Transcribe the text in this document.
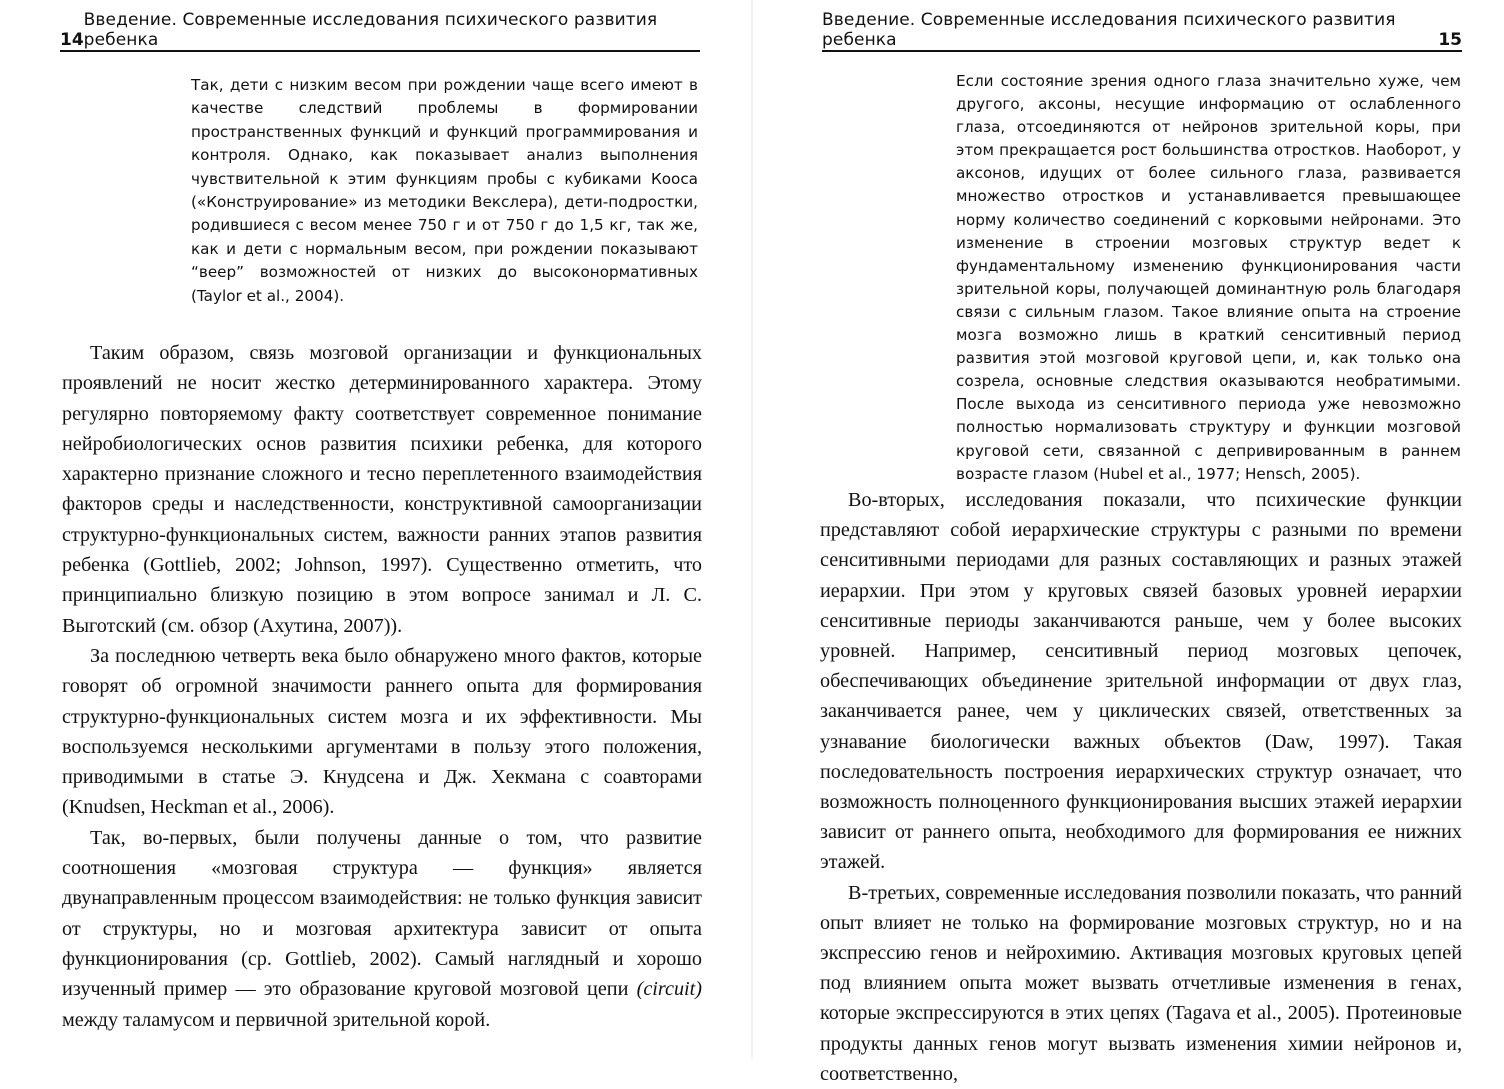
14
Введение. Современные исследования психического развития ребенка
Так, дети с низким весом при рождении чаще всего имеют в качестве следствий проблемы в формировании пространственных функций и функций программирования и контроля. Однако, как показывает анализ выполнения чувствительной к этим функциям пробы с кубиками Кооса («Конструирование» из методики Векслера), дети-подростки, родившиеся с весом менее 750 г и от 750 г до 1,5 кг, так же, как и дети с нормальным весом, при рождении показывают “веер” возможностей от низких до высоконормативных (Taylor et al., 2004).

Таким образом, связь мозговой организации и функциональных проявлений не носит жестко детерминированного характера. Этому регулярно повторяемому факту соответствует современное понимание нейробиологических основ развития психики ребенка, для которого характерно признание сложного и тесно переплетенного взаимодействия факторов среды и наследственности, конструктивной самоорганизации структурно-функциональных систем, важности ранних этапов развития ребенка (Gottlieb, 2002; Johnson, 1997). Существенно отметить, что принципиально близкую позицию в этом вопросе занимал и Л. С. Выготский (см. обзор (Ахутина, 2007)).

За последнюю четверть века было обнаружено много фактов, которые говорят об огромной значимости раннего опыта для формирования структурно-функциональных систем мозга и их эффективности. Мы воспользуемся несколькими аргументами в пользу этого положения, приводимыми в статье Э. Кнудсена и Дж. Хекмана с соавторами (Knudsen, Heckman et al., 2006).

Так, во-первых, были получены данные о том, что развитие соотношения «мозговая структура — функция» является двунаправленным процессом взаимодействия: не только функция зависит от структуры, но и мозговая архитектура зависит от опыта функционирования (ср. Gottlieb, 2002). Самый наглядный и хорошо изученный пример — это образование круговой мозговой цепи (circuit) между таламусом и первичной зрительной корой.

Введение. Современные исследования психического развития ребенка	15
Если состояние зрения одного глаза значительно хуже, чем другого, аксоны, несущие информацию от ослабленного глаза, отсоединяются от нейронов зрительной коры, при этом прекращается рост большинства отростков. Наоборот, у аксонов, идущих от более сильного глаза, развивается множество отростков и устанавливается превышающее норму количество соединений с корковыми нейронами. Это изменение в строении мозговых структур ведет к фундаментальному изменению функционирования части зрительной коры, получающей доминантную роль благодаря связи с сильным глазом. Такое влияние опыта на строение мозга возможно лишь в краткий сенситивный период развития этой мозговой круговой цепи, и, как только она созрела, основные следствия оказываются необратимыми. После выхода из сенситивного периода уже невозможно полностью нормализовать структуру и функции мозговой круговой сети, связанной с депривированным в раннем возрасте глазом (Hubel et al., 1977; Hensch, 2005).

Во-вторых, исследования показали, что психические функции представляют собой иерархические структуры с разными по времени сенситивными периодами для разных составляющих и разных этажей иерархии. При этом у круговых связей базовых уровней иерархии сенситивные периоды заканчиваются раньше, чем у более высоких уровней. Например, сенситивный период мозговых цепочек, обеспечивающих объединение зрительной информации от двух глаз, заканчивается ранее, чем у циклических связей, ответственных за узнавание биологически важных объектов (Daw, 1997). Такая последовательность построения иерархических структур означает, что возможность полноценного функционирования высших этажей иерархии зависит от раннего опыта, необходимого для формирования ее нижних этажей.

В-третьих, современные исследования позволили показать, что ранний опыт влияет не только на формирование мозговых структур, но и на экспрессию генов и нейрохимию. Активация мозговых круговых цепей под влиянием опыта может вызвать отчетливые изменения в генах, которые экспрессируются в этих цепях (Tagava et al., 2005). Протеиновые продукты данных генов могут вызвать изменения химии нейронов и, соответственно,
